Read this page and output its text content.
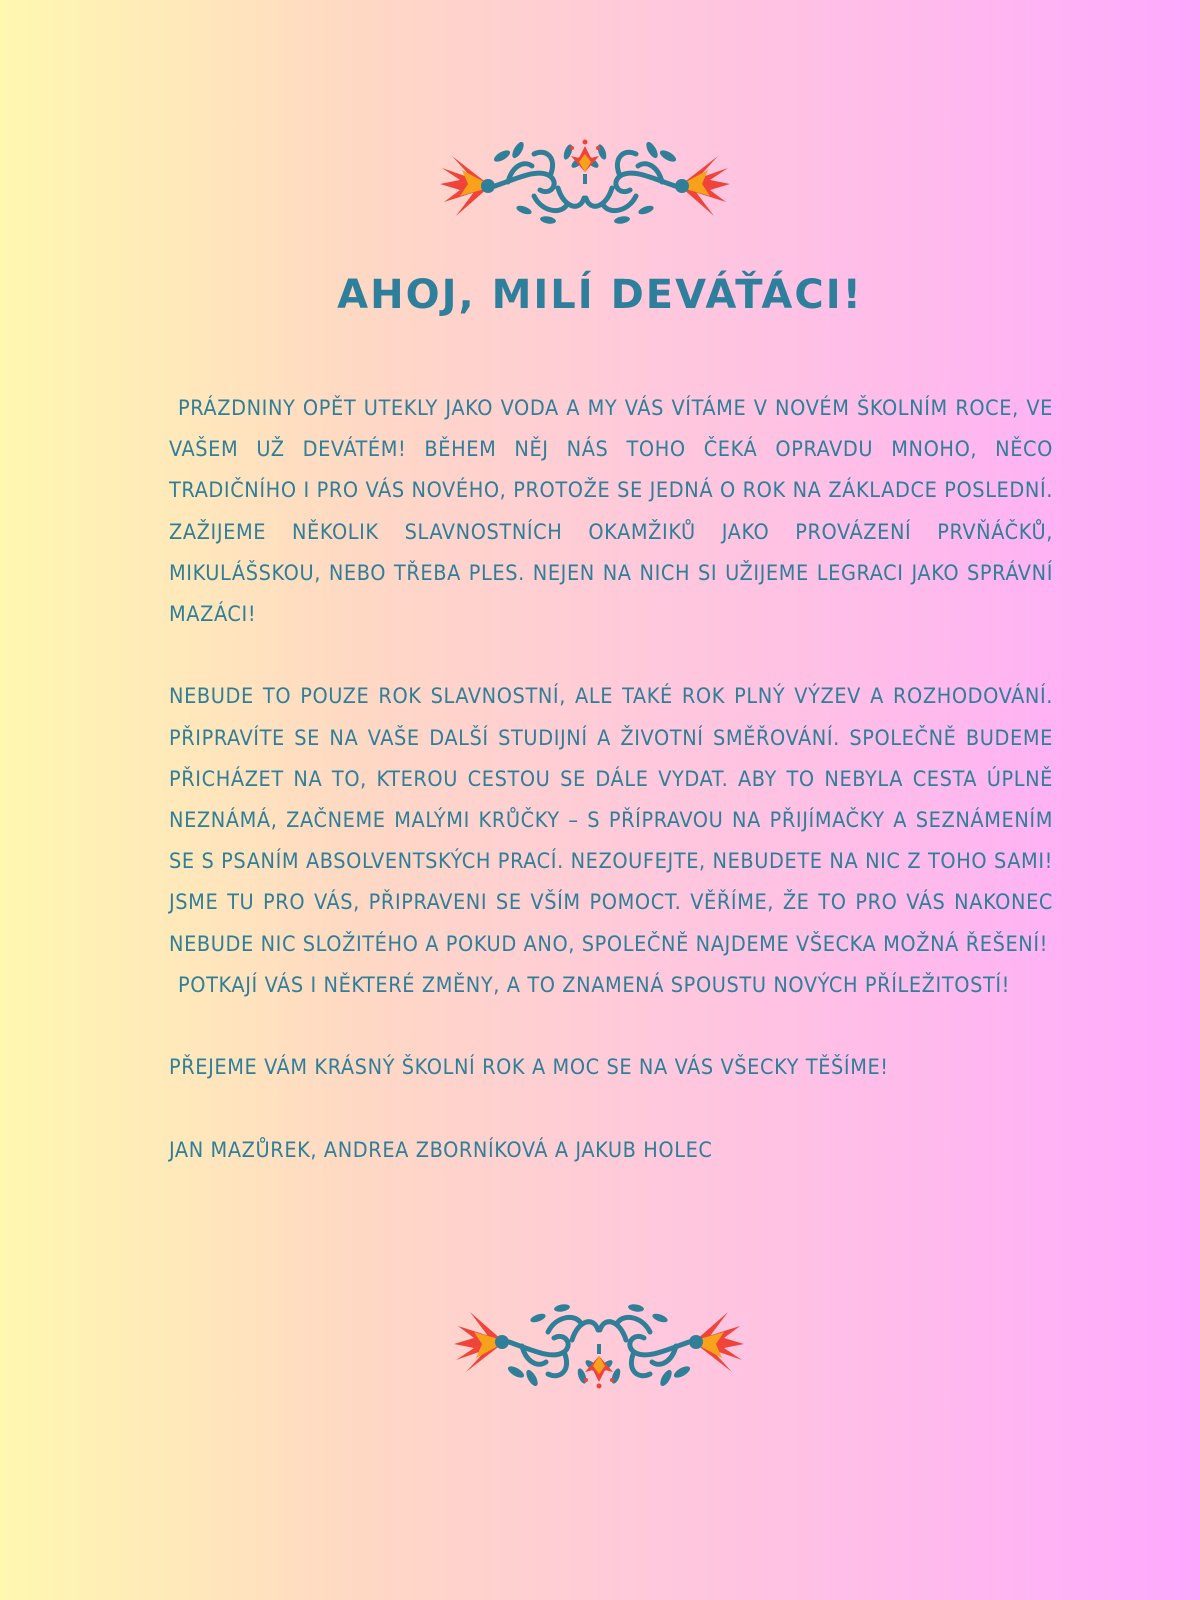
AHOJ, MILÍ DEVÁŤÁCI!

PRÁZDNINY OPĚT UTEKLY JAKO VODA A MY VÁS VÍTÁME V NOVÉM ŠKOLNÍM ROCE, VE VAŠEM UŽ DEVÁTÉM! BĚHEM NĚJ NÁS TOHO ČEKÁ OPRAVDU MNOHO, NĚCO TRADIČNÍHO I PRO VÁS NOVÉHO, PROTOŽE SE JEDNÁ O ROK NA ZÁKLADCE POSLEDNÍ. ZAŽIJEME NĚKOLIK SLAVNOSTNÍCH OKAMŽIKŮ JAKO PROVÁZENÍ PRVŇÁČKŮ, MIKULÁŠSKOU, NEBO TŘEBA PLES. NEJEN NA NICH SI UŽIJEME LEGRACI JAKO SPRÁVNÍ MAZÁCI!

NEBUDE TO POUZE ROK SLAVNOSTNÍ, ALE TAKÉ ROK PLNÝ VÝZEV A ROZHODOVÁNÍ. PŘIPRAVÍTE SE NA VAŠE DALŠÍ STUDIJNÍ A ŽIVOTNÍ SMĚŘOVÁNÍ. SPOLEČNĚ BUDEME PŘICHÁZET NA TO, KTEROU CESTOU SE DÁLE VYDAT. ABY TO NEBYLA CESTA ÚPLNĚ NEZNÁMÁ, ZAČNEME MALÝMI KRŮČKY – S PŘÍPRAVOU NA PŘIJÍMAČKY A SEZNÁMENÍM SE S PSANÍM ABSOLVENTSKÝCH PRACÍ. NEZOUFEJTE, NEBUDETE NA NIC Z TOHO SAMI! JSME TU PRO VÁS, PŘIPRAVENI SE VŠÍM POMOCT. VĚŘÍME, ŽE TO PRO VÁS NAKONEC NEBUDE NIC SLOŽITÉHO A POKUD ANO, SPOLEČNĚ NAJDEME VŠECKA MOŽNÁ ŘEŠENÍ!

POTKAJÍ VÁS I NĚKTERÉ ZMĚNY, A TO ZNAMENÁ SPOUSTU NOVÝCH PŘÍLEŽITOSTÍ!

PŘEJEME VÁM KRÁSNÝ ŠKOLNÍ ROK A MOC SE NA VÁS VŠECKY TĚŠÍME!

JAN MAZŮREK, ANDREA ZBORNÍKOVÁ A JAKUB HOLEC
